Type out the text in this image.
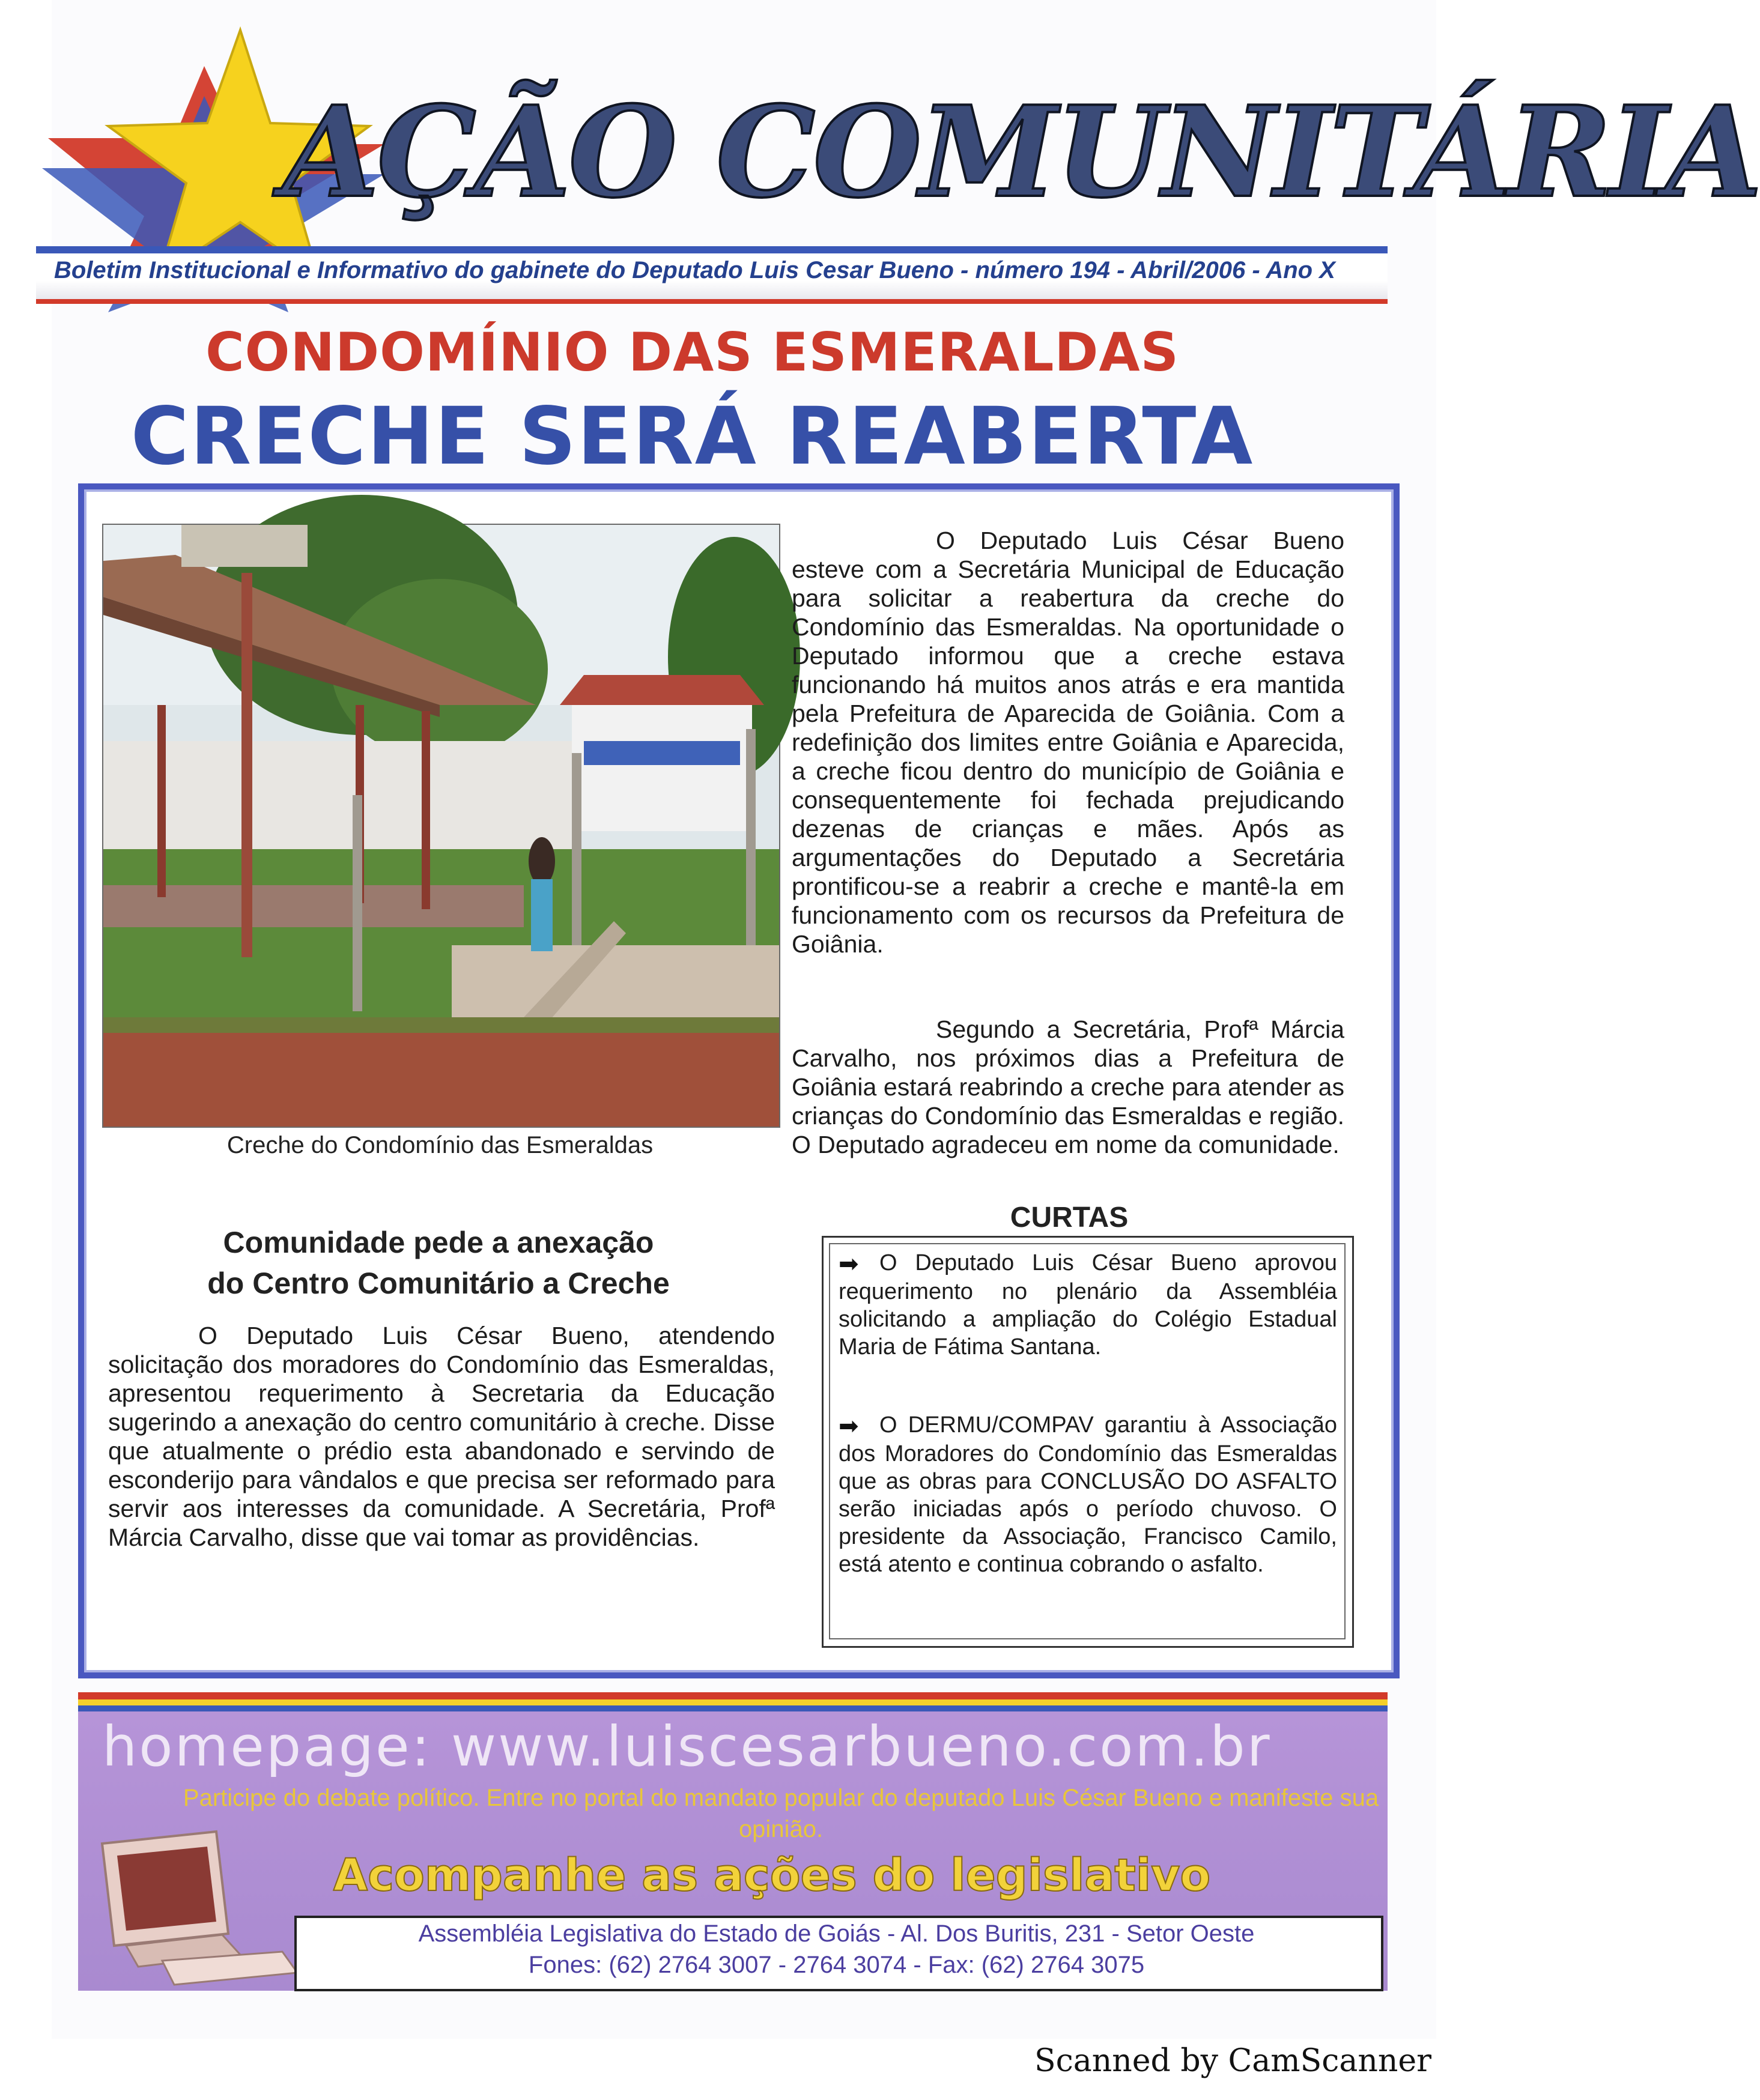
AÇÃO COMUNITÁRIA
Boletim Institucional e Informativo do gabinete do Deputado Luis Cesar Bueno - número 194 - Abril/2006 - Ano X
CONDOMÍNIO DAS ESMERALDAS
CRECHE SERÁ REABERTA
Creche do Condomínio das Esmeraldas
O Deputado Luis César Bueno esteve com a Secretária Municipal de Educação para solicitar a reabertura da creche do Condomínio das Esmeraldas. Na oportunidade o Deputado informou que a creche estava funcionando há muitos anos atrás e era mantida pela Prefeitura de Aparecida de Goiânia. Com a redefinição dos limites entre Goiânia e Aparecida, a creche ficou dentro do município de Goiânia e consequentemente foi fechada prejudicando dezenas de crianças e mães. Após as argumentações do Deputado a Secretária prontificou-se a reabrir a creche e mantê-la em funcionamento com os recursos da Prefeitura de Goiânia.
Segundo a Secretária, Profª Márcia Carvalho, nos próximos dias a Prefeitura de Goiânia estará reabrindo a creche para atender as crianças do Condomínio das Esmeraldas e região. O Deputado agradeceu em nome da comunidade.
Comunidade pede a anexação
do Centro Comunitário a Creche

O Deputado Luis César Bueno, atendendo solicitação dos moradores do Condomínio das Esmeraldas, apresentou requerimento à Secretaria da Educação sugerindo a anexação do centro comunitário à creche. Disse que atualmente o prédio esta abandonado e servindo de esconderijo para vândalos e que precisa ser reformado para servir aos interesses da comunidade. A Secretária, Profª Márcia Carvalho, disse que vai tomar as providências.

CURTAS
➡ O Deputado Luis César Bueno aprovou requerimento no plenário da Assembléia solicitando a ampliação do Colégio Estadual Maria de Fátima Santana.
➡ O DERMU/COMPAV garantiu à Associação dos Moradores do Condomínio das Esmeraldas que as obras para CONCLUSÃO DO ASFALTO serão iniciadas após o período chuvoso. O presidente da Associação, Francisco Camilo, está atento e continua cobrando o asfalto.
homepage: www.luiscesarbueno.com.br
Participe do debate político. Entre no portal do mandato popular do deputado Luis César Bueno e manifeste sua opinião.
Acompanhe as ações do legislativo
Assembléia Legislativa do Estado de Goiás - Al. Dos Buritis, 231 - Setor Oeste
Fones: (62) 2764 3007 - 2764 3074 - Fax: (62) 2764 3075
Scanned by CamScanner
